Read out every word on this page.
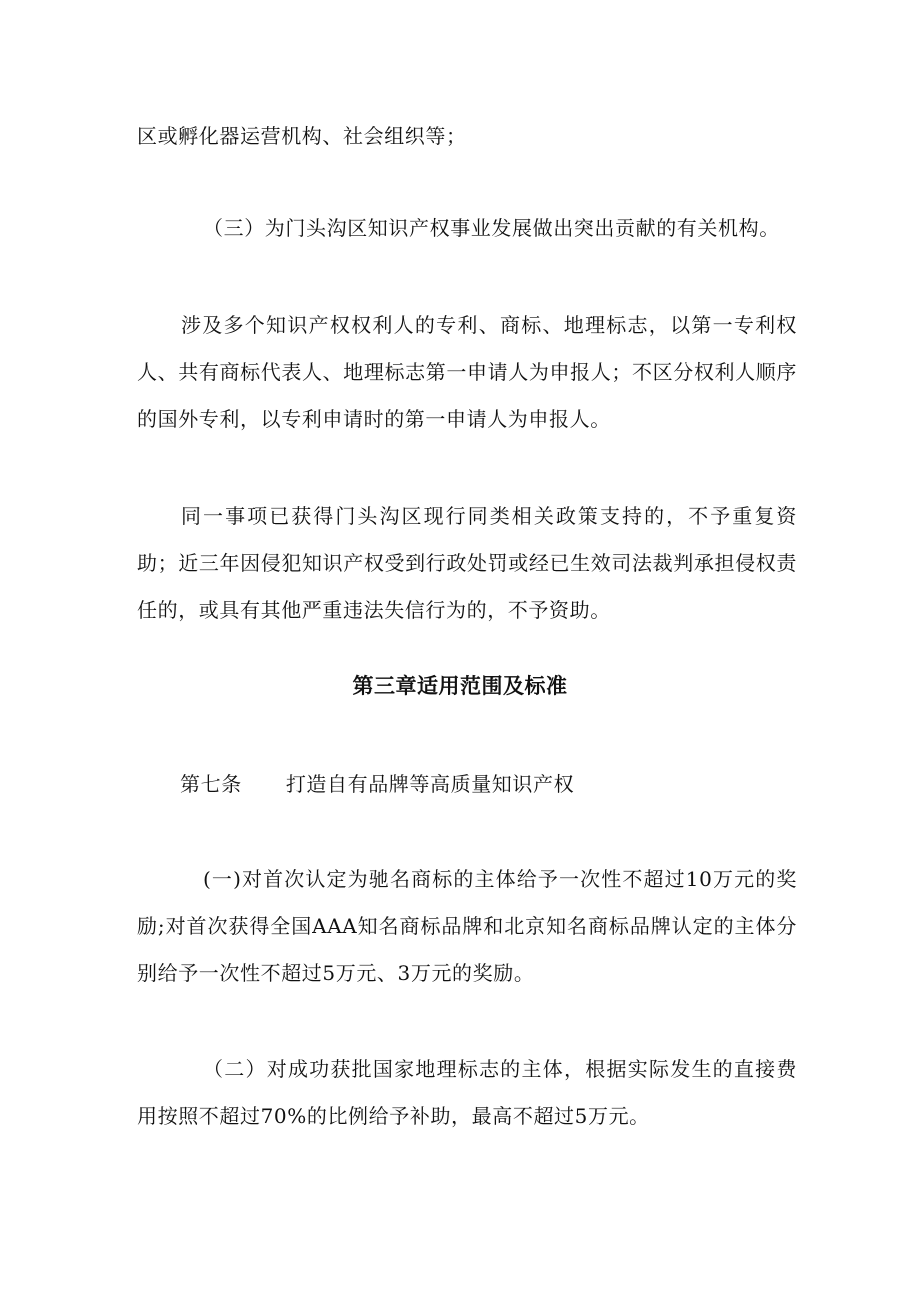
区或孵化器运营机构、社会组织等；

（三）为门头沟区知识产权事业发展做出突出贡献的有关机构。

涉及多个知识产权权利人的专利、商标、地理标志，以第一专利权人、共有商标代表人、地理标志第一申请人为申报人；不区分权利人顺序的国外专利，以专利申请时的第一申请人为申报人。

同一事项已获得门头沟区现行同类相关政策支持的，不予重复资助；近三年因侵犯知识产权受到行政处罚或经已生效司法裁判承担侵权责任的，或具有其他严重违法失信行为的，不予资助。

第三章适用范围及标准

第七条 打造自有品牌等高质量知识产权

(一)对首次认定为驰名商标的主体给予一次性不超过10万元的奖励;对首次获得全国AAA知名商标品牌和北京知名商标品牌认定的主体分别给予一次性不超过5万元、3万元的奖励。

（二）对成功获批国家地理标志的主体，根据实际发生的直接费用按照不超过70%的比例给予补助，最高不超过5万元。
